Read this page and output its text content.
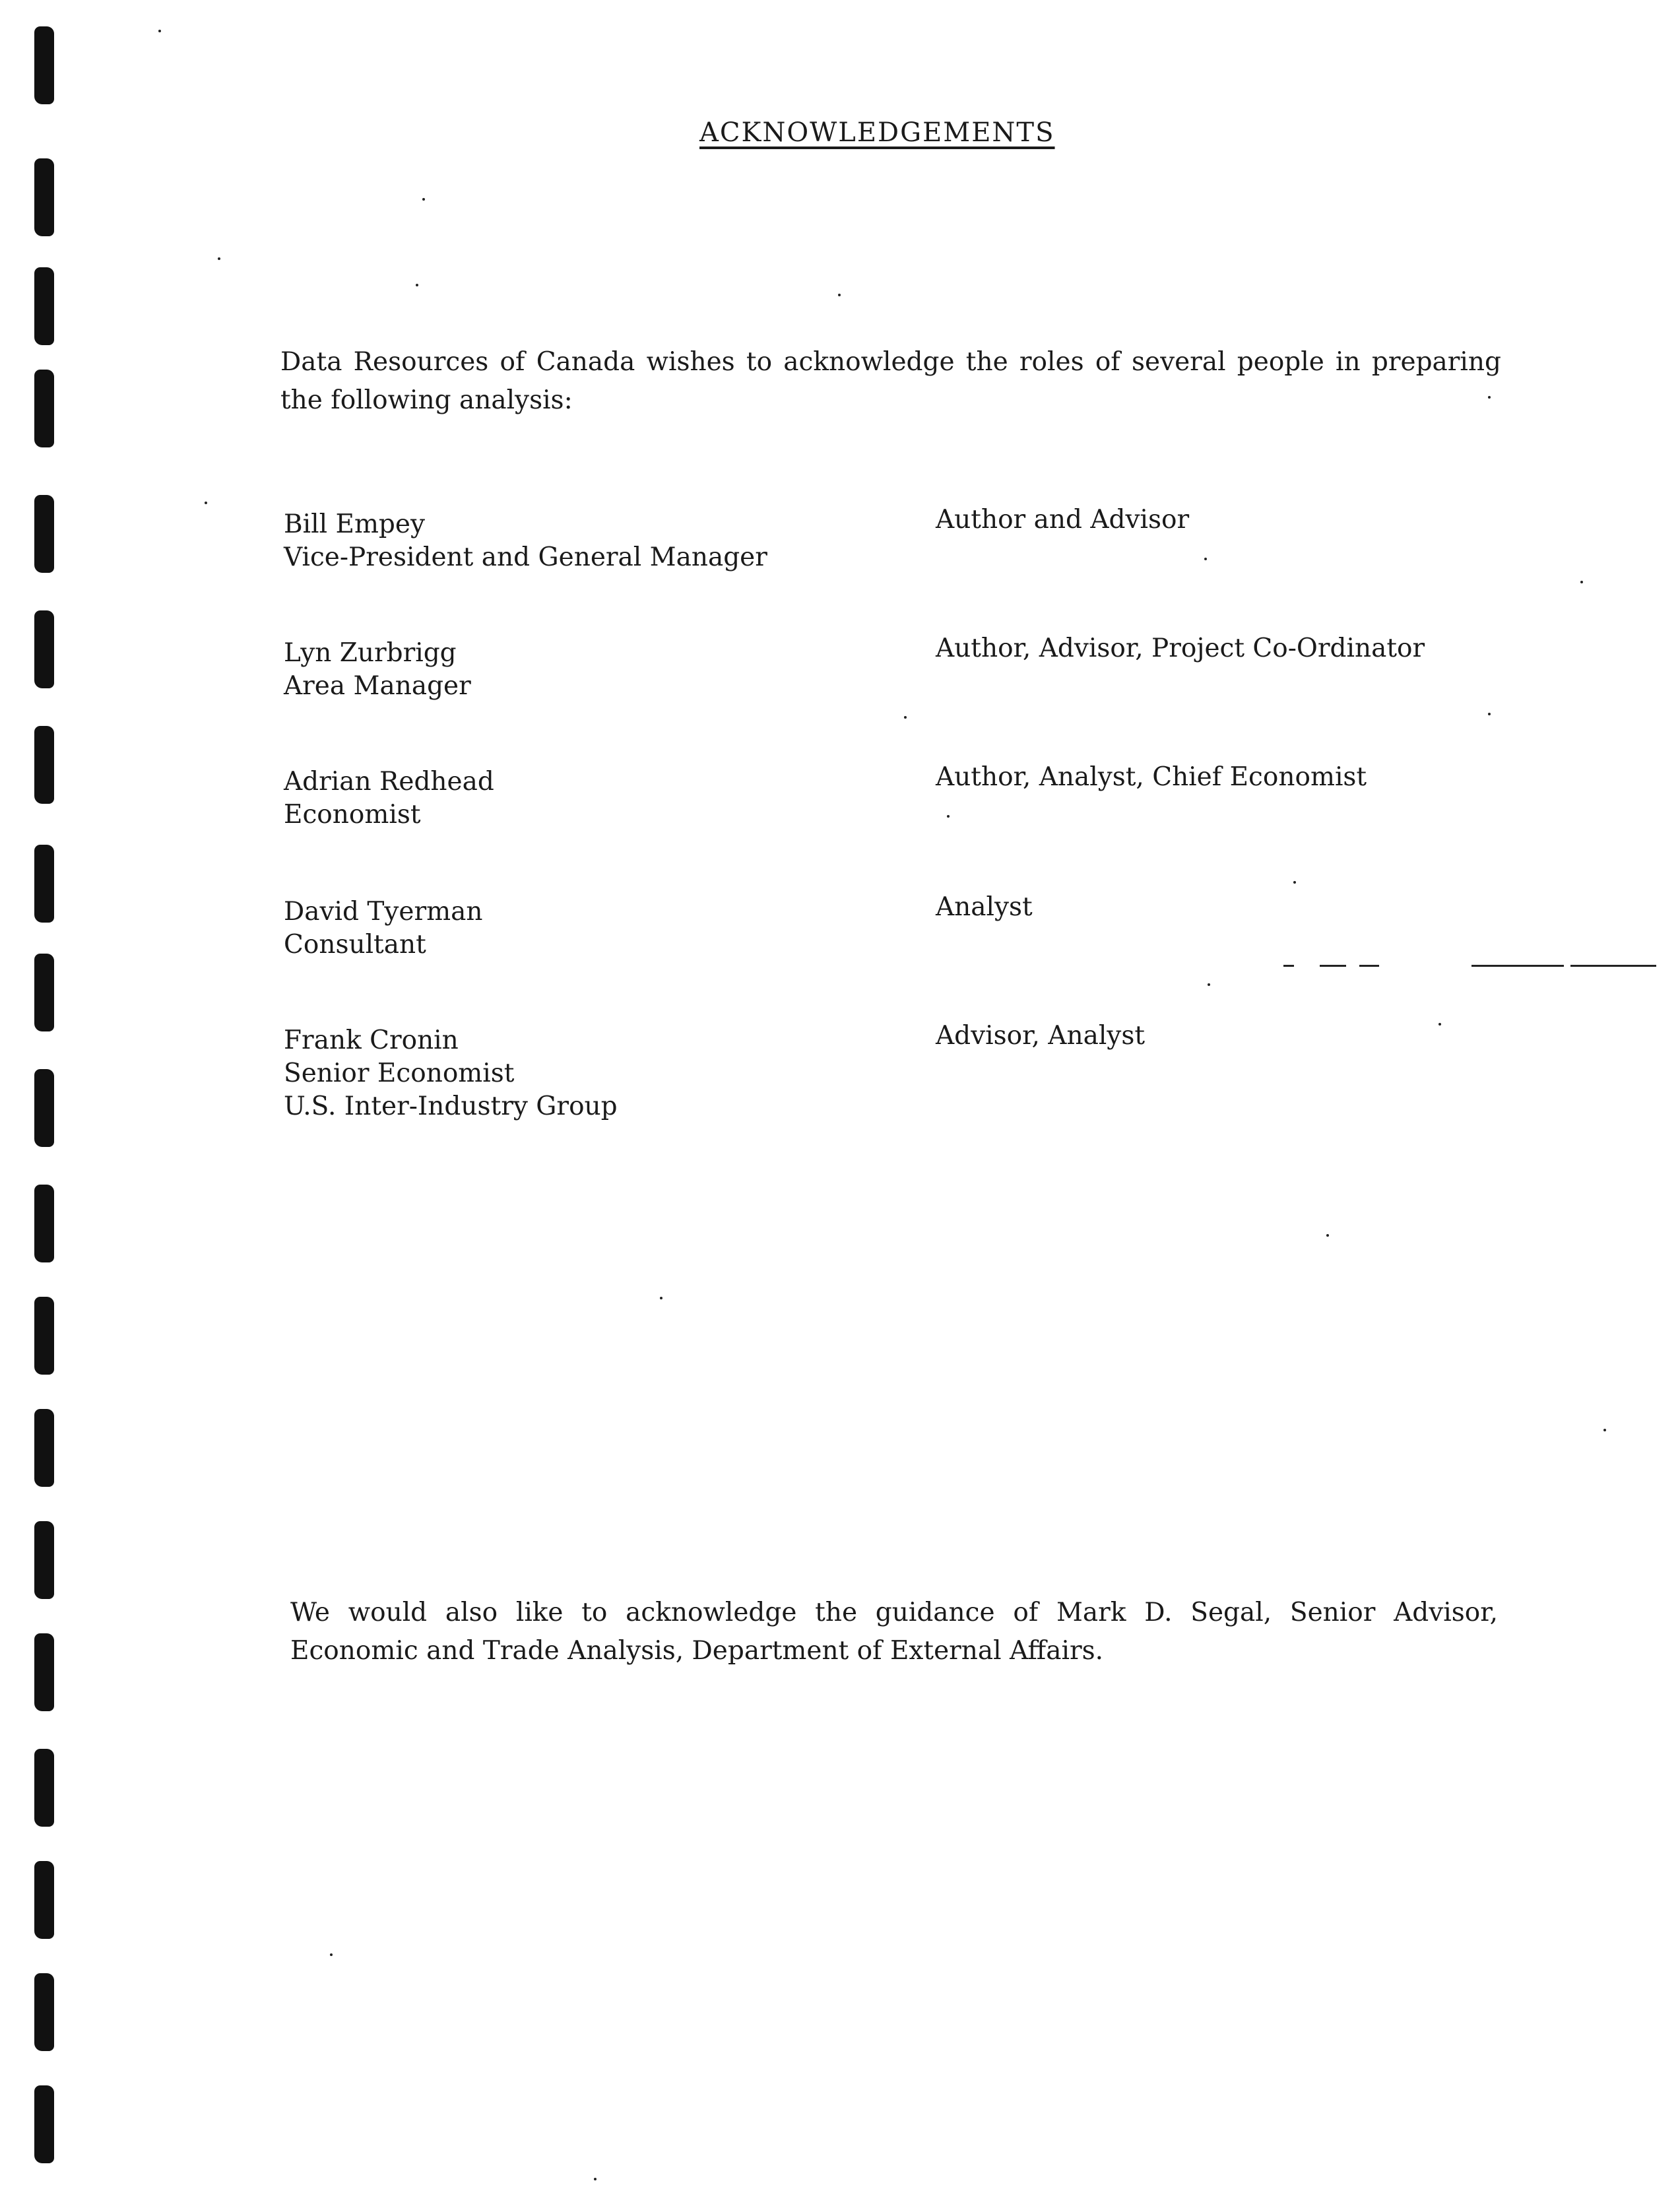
ACKNOWLEDGEMENTS
Data Resources of Canada wishes to acknowledge the roles of several people in preparing the following analysis:
Bill Empey
Vice-President and General Manager
Author and Advisor
Lyn Zurbrigg
Area Manager
Author, Advisor, Project Co-Ordinator
Adrian Redhead
Economist
Author, Analyst, Chief Economist
David Tyerman
Consultant
Analyst
Frank Cronin
Senior Economist
U.S. Inter-Industry Group
Advisor, Analyst
We would also like to acknowledge the guidance of Mark D. Segal, Senior Advisor, Economic and Trade Analysis, Department of External Affairs.
